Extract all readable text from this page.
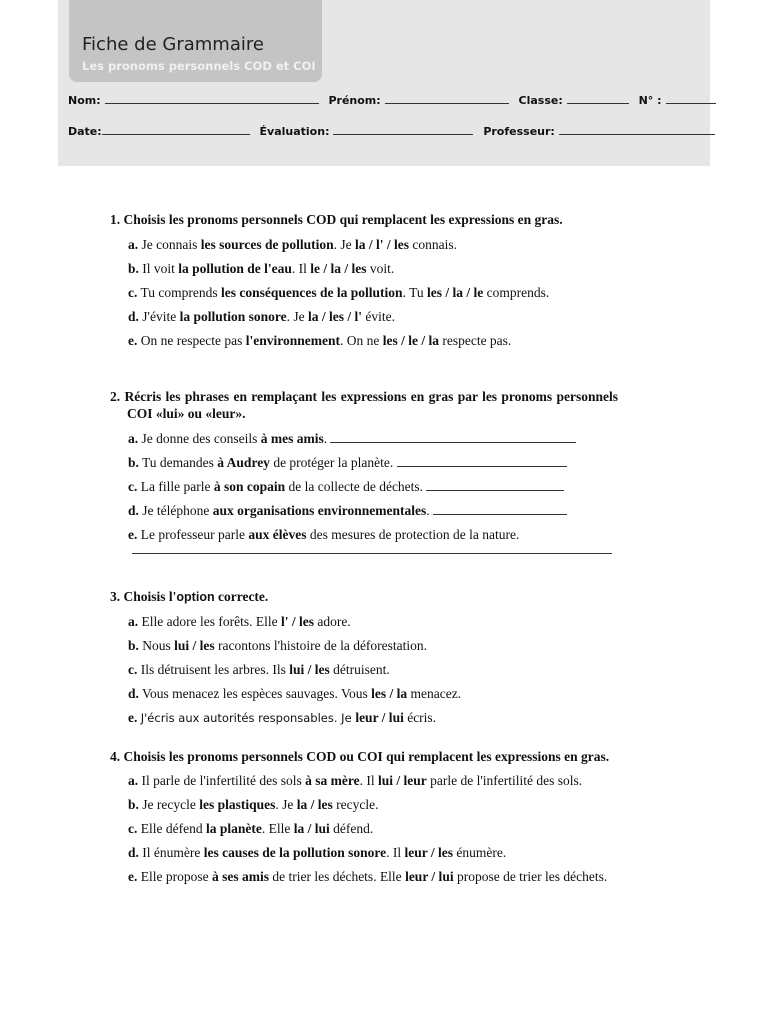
Fiche de Grammaire
Les pronoms personnels COD et COI
Nom:	Prénom:	Classe:	N° :
Date:	Évaluation:	Professeur:
1. Choisis les pronoms personnels COD qui remplacent les expressions en gras.
a. Je connais les sources de pollution. Je la / l' / les connais.
b. Il voit la pollution de l'eau. Il le / la / les voit.
c. Tu comprends les conséquences de la pollution. Tu les / la / le comprends.
d. J'évite la pollution sonore. Je la / les / l' évite.
e. On ne respecte pas l'environnement. On ne les / le / la respecte pas.
2. Récris les phrases en remplaçant les expressions en gras par les pronoms personnels COI «lui» ou «leur».
a. Je donne des conseils à mes amis.
b. Tu demandes à Audrey de protéger la planète.
c. La fille parle à son copain de la collecte de déchets.
d. Je téléphone aux organisations environnementales.
e. Le professeur parle aux élèves des mesures de protection de la nature.
3. Choisis l'option correcte.
a. Elle adore les forêts. Elle l' / les adore.
b. Nous lui / les racontons l'histoire de la déforestation.
c. Ils détruisent les arbres. Ils lui / les détruisent.
d. Vous menacez les espèces sauvages. Vous les / la menacez.
e. J'écris aux autorités responsables. Je leur / lui écris.
4. Choisis les pronoms personnels COD ou COI qui remplacent les expressions en gras.
a. Il parle de l'infertilité des sols à sa mère. Il lui / leur parle de l'infertilité des sols.
b. Je recycle les plastiques. Je la / les recycle.
c. Elle défend la planète. Elle la / lui défend.
d. Il énumère les causes de la pollution sonore. Il leur / les énumère.
e. Elle propose à ses amis de trier les déchets. Elle leur / lui propose de trier les déchets.
